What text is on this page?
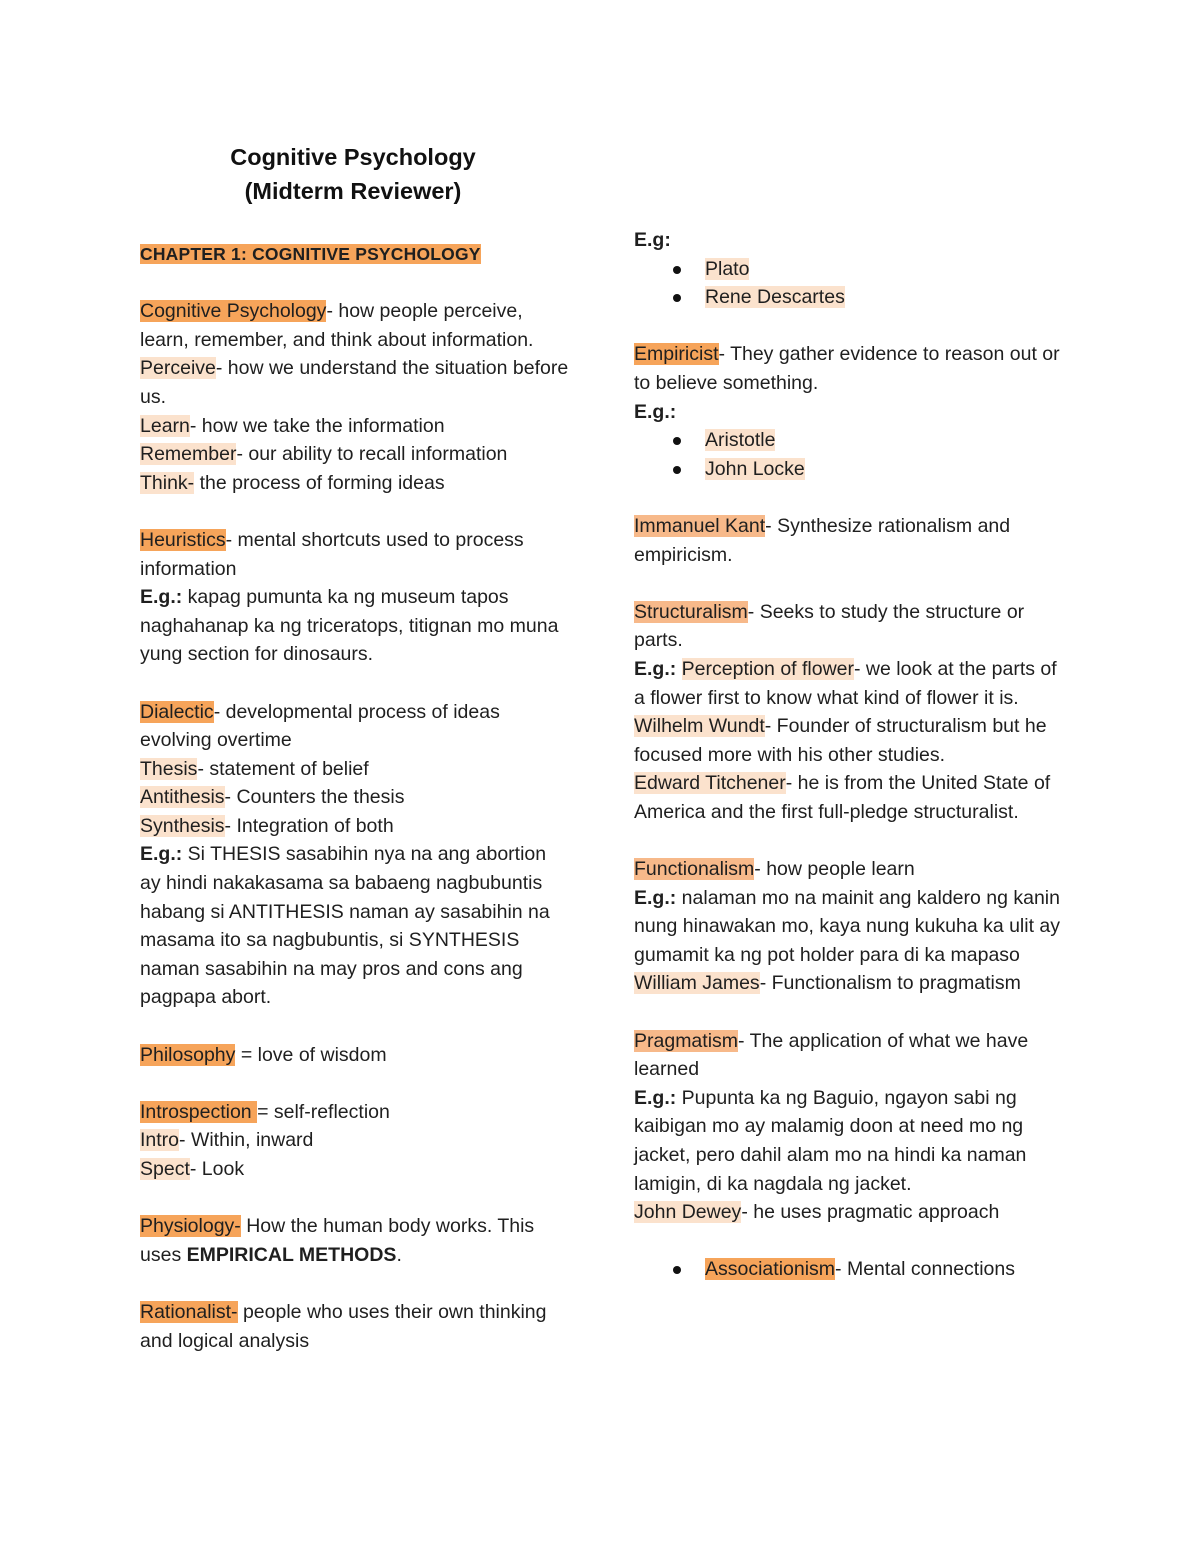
Cognitive Psychology
(Midterm Reviewer)

CHAPTER 1: COGNITIVE PSYCHOLOGY

Cognitive Psychology- how people perceive, learn, remember, and think about information.

Perceive- how we understand the situation before us.

Learn- how we take the information

Remember- our ability to recall information

Think- the process of forming ideas

Heuristics- mental shortcuts used to process information

E.g.: kapag pumunta ka ng museum tapos naghahanap ka ng triceratops, titignan mo muna yung section for dinosaurs.

Dialectic- developmental process of ideas evolving overtime

Thesis- statement of belief

Antithesis- Counters the thesis

Synthesis- Integration of both

E.g.: Si THESIS sasabihin nya na ang abortion ay hindi nakakasama sa babaeng nagbubuntis habang si ANTITHESIS naman ay sasabihin na masama ito sa nagbubuntis, si SYNTHESIS naman sasabihin na may pros and cons ang pagpapa abort.

Philosophy = love of wisdom

Introspection = self-reflection

Intro- Within, inward

Spect- Look

Physiology- How the human body works. This uses EMPIRICAL METHODS.

Rationalist- people who uses their own thinking and logical analysis

E.g:

Plato
Rene Descartes

Empiricist- They gather evidence to reason out or to believe something.

E.g.:

Aristotle
John Locke

Immanuel Kant- Synthesize rationalism and empiricism.

Structuralism- Seeks to study the structure or parts.

E.g.: Perception of flower- we look at the parts of a flower first to know what kind of flower it is.

Wilhelm Wundt- Founder of structuralism but he focused more with his other studies.

Edward Titchener- he is from the United State of America and the first full-pledge structuralist.

Functionalism- how people learn

E.g.: nalaman mo na mainit ang kaldero ng kanin nung hinawakan mo, kaya nung kukuha ka ulit ay gumamit ka ng pot holder para di ka mapaso

William James- Functionalism to pragmatism

Pragmatism- The application of what we have learned

E.g.: Pupunta ka ng Baguio, ngayon sabi ng kaibigan mo ay malamig doon at need mo ng jacket, pero dahil alam mo na hindi ka naman lamigin, di ka nagdala ng jacket.

John Dewey- he uses pragmatic approach

Associationism- Mental connections
